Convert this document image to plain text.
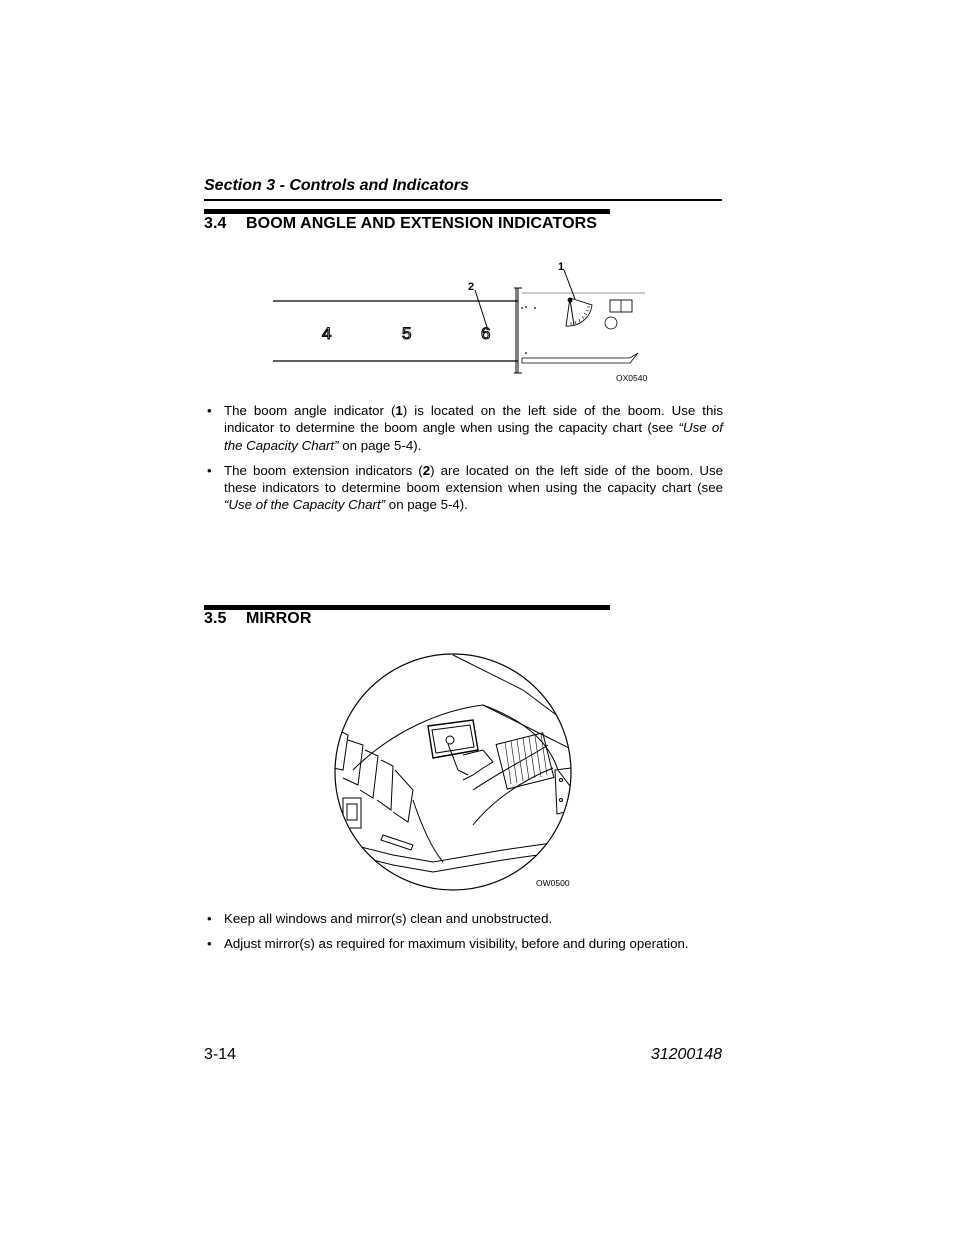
Section 3 - Controls and Indicators
3.4 BOOM ANGLE AND EXTENSION INDICATORS
4	5	6
1
2
OX0540
• The boom angle indicator (1) is located on the left side of the boom. Use this indicator to determine the boom angle when using the capacity chart (see “Use of the Capacity Chart” on page 5-4).
• The boom extension indicators (2) are located on the left side of the boom. Use these indicators to determine boom extension when using the capacity chart (see “Use of the Capacity Chart” on page 5-4).
3.5 MIRROR
OW0500
• Keep all windows and mirror(s) clean and unobstructed.
• Adjust mirror(s) as required for maximum visibility, before and during operation.
3-14	31200148
